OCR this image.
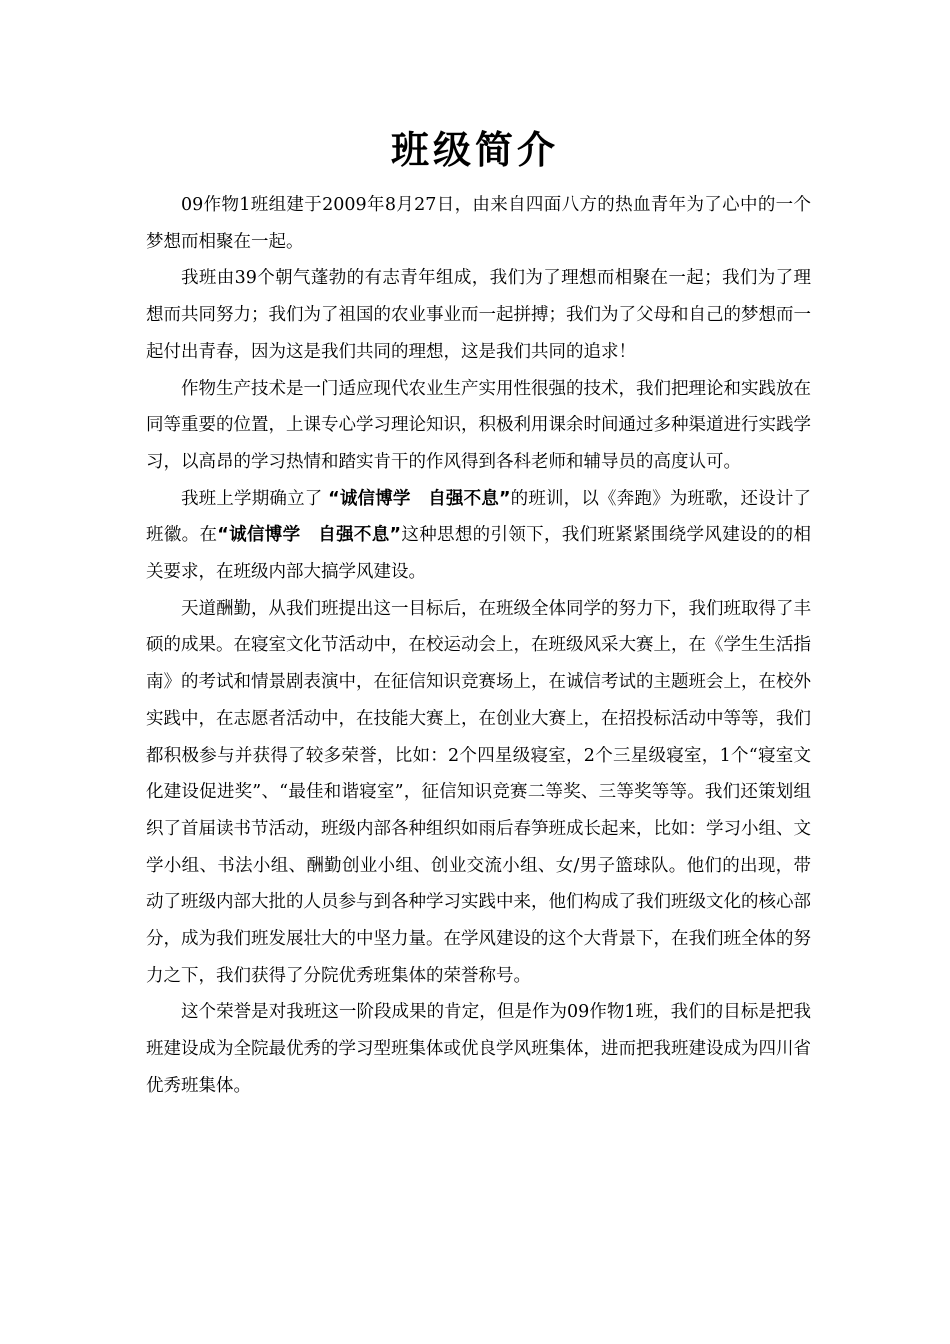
班级简介

09作物1班组建于2009年8月27日，由来自四面八方的热血青年为了心中的一个梦想而相聚在一起。

我班由39个朝气蓬勃的有志青年组成，我们为了理想而相聚在一起；我们为了理想而共同努力；我们为了祖国的农业事业而一起拼搏；我们为了父母和自己的梦想而一起付出青春，因为这是我们共同的理想，这是我们共同的追求！

作物生产技术是一门适应现代农业生产实用性很强的技术，我们把理论和实践放在同等重要的位置，上课专心学习理论知识，积极利用课余时间通过多种渠道进行实践学习，以高昂的学习热情和踏实肯干的作风得到各科老师和辅导员的高度认可。

我班上学期确立了 “诚信博学　自强不息”的班训，以《奔跑》为班歌，还设计了班徽。在“诚信博学　自强不息”这种思想的引领下，我们班紧紧围绕学风建设的的相关要求，在班级内部大搞学风建设。

天道酬勤，从我们班提出这一目标后，在班级全体同学的努力下，我们班取得了丰硕的成果。在寝室文化节活动中，在校运动会上，在班级风采大赛上，在《学生生活指南》的考试和情景剧表演中，在征信知识竞赛场上，在诚信考试的主题班会上，在校外实践中，在志愿者活动中，在技能大赛上，在创业大赛上，在招投标活动中等等，我们都积极参与并获得了较多荣誉，比如：2个四星级寝室，2个三星级寝室，1个“寝室文化建设促进奖”、“最佳和谐寝室”，征信知识竞赛二等奖、三等奖等等。我们还策划组织了首届读书节活动，班级内部各种组织如雨后春笋班成长起来，比如：学习小组、文学小组、书法小组、酬勤创业小组、创业交流小组、女/男子篮球队。他们的出现，带动了班级内部大批的人员参与到各种学习实践中来，他们构成了我们班级文化的核心部分，成为我们班发展壮大的中坚力量。在学风建设的这个大背景下，在我们班全体的努力之下，我们获得了分院优秀班集体的荣誉称号。

这个荣誉是对我班这一阶段成果的肯定，但是作为09作物1班，我们的目标是把我班建设成为全院最优秀的学习型班集体或优良学风班集体，进而把我班建设成为四川省优秀班集体。
